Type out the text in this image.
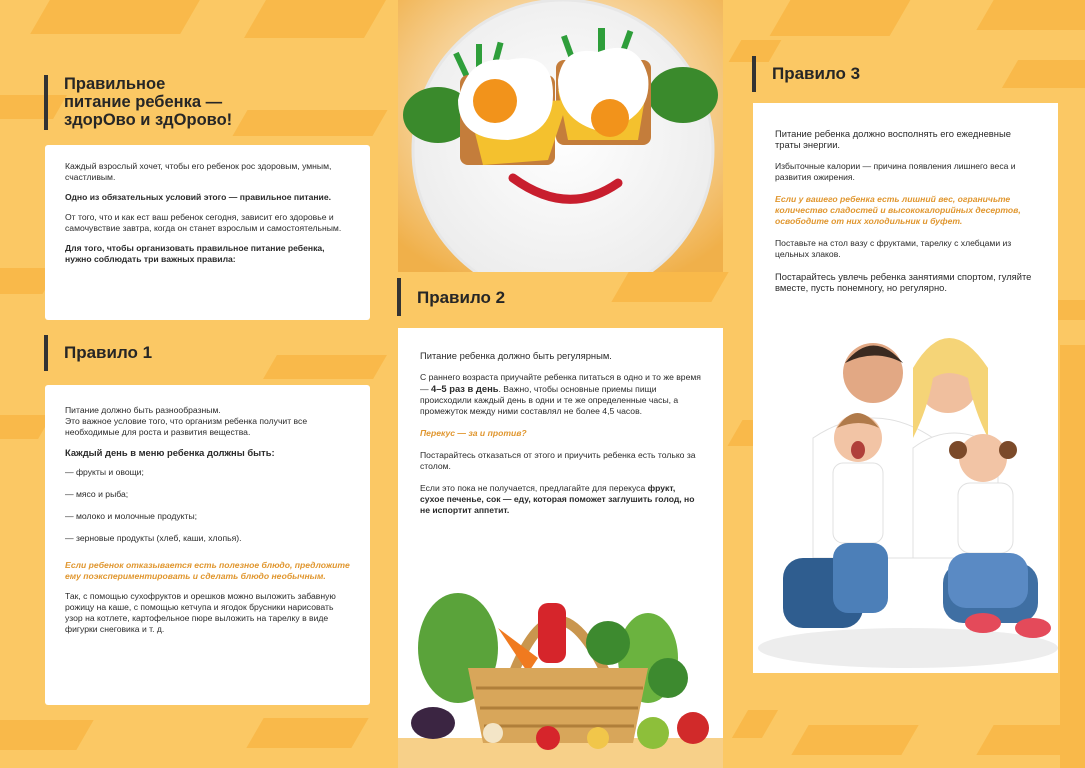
Правильное
питание ребенка —
здорОво и здОрово!

Каждый взрослый хочет, чтобы его ребенок рос здоровым, умным, счастливым.

Одно из обязательных условий этого — правильное питание.

От того, что и как ест ваш ребенок сегодня, зависит его здоровье и самочувствие завтра, когда он станет взрослым и самостоятельным.

Для того, чтобы организовать правильное питание ребенка, нужно соблюдать три важных правила:

Правило 1

Питание должно быть разнообразным.

Это важное условие того, что организм ребенка получит все необходимые для роста и развития вещества.

Каждый день в меню ребенка должны быть:

— фрукты и овощи;

— мясо и рыба;

— молоко и молочные продукты;

— зерновые продукты (хлеб, каши, хлопья).

Если ребенок отказывается есть полезное блюдо, предложите ему поэкспериментировать и сделать блюдо необычным.

Так, с помощью сухофруктов и орешков можно выложить забавную рожицу на каше, с помощью кетчупа и ягодок брусники нарисовать узор на котлете, картофельное пюре выложить на тарелку в виде фигурки снеговика и т. д.

Правило 2

Питание ребенка должно быть регулярным.

С раннего возраста приучайте ребенка питаться в одно и то же время — 4–5 раз в день. Важно, чтобы основные приемы пищи происходили каждый день в одни и те же определенные часы, а промежуток между ними составлял не более 4,5 часов.

Перекус — за и против?

Постарайтесь отказаться от этого и приучить ребенка есть только за столом.

Если это пока не получается, предлагайте для перекуса фрукт, сухое печенье, сок — еду, которая поможет заглушить голод, но не испортит аппетит.

Правило 3

Питание ребенка должно восполнять его ежедневные траты энергии.

Избыточные калории — причина появления лишнего веса и развития ожирения.

Если у вашего ребенка есть лишний вес, ограничьте количество сладостей и высококалорийных десертов, освободите от них холодильник и буфет.

Поставьте на стол вазу с фруктами, тарелку с хлебцами из цельных злаков.

Постарайтесь увлечь ребенка занятиями спортом, гуляйте вместе, пусть понемногу, но регулярно.
